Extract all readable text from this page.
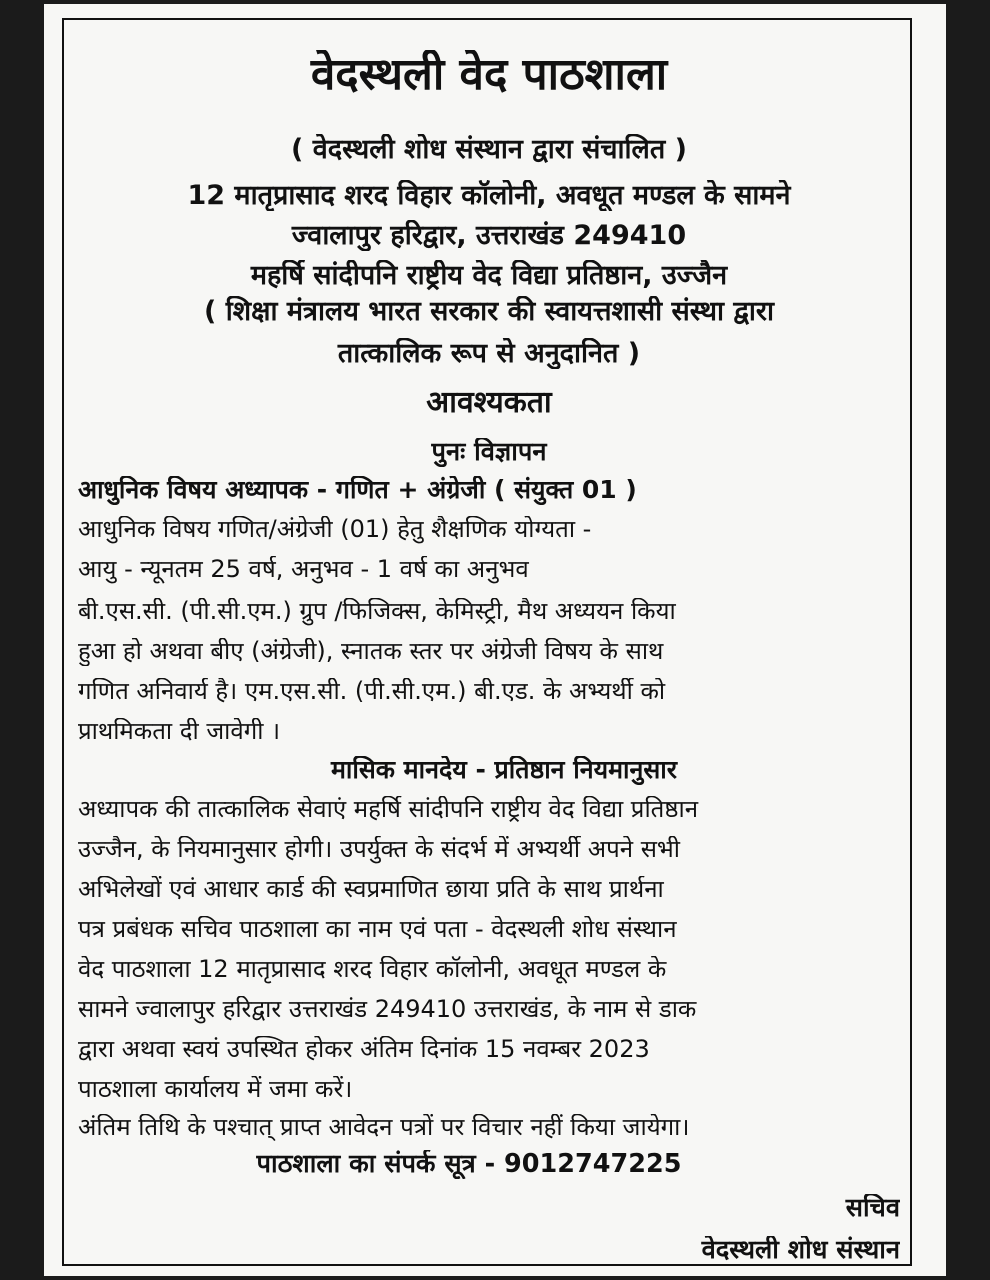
वेदस्थली वेद पाठशाला
( वेदस्थली शोध संस्थान द्वारा संचालित )
12 मातृप्रासाद शरद विहार कॉलोनी, अवधूत मण्डल के सामने
ज्वालापुर हरिद्वार, उत्तराखंड 249410
महर्षि सांदीपनि राष्ट्रीय वेद विद्या प्रतिष्ठान, उज्जैन
( शिक्षा मंत्रालय भारत सरकार की स्वायत्तशासी संस्था द्वारा
तात्कालिक रूप से अनुदानित )
आवश्यकता
पुनः विज्ञापन
आधुनिक विषय अध्यापक - गणित + अंग्रेजी ( संयुक्त 01 )
आधुनिक विषय गणित/अंग्रेजी (01) हेतु शैक्षणिक योग्यता -
आयु - न्यूनतम 25 वर्ष, अनुभव - 1 वर्ष का अनुभव
बी.एस.सी. (पी.सी.एम.) ग्रुप /फिजिक्स, केमिस्ट्री, मैथ अध्ययन किया
हुआ हो अथवा बीए (अंग्रेजी), स्नातक स्तर पर अंग्रेजी विषय के साथ
गणित अनिवार्य है। एम.एस.सी. (पी.सी.एम.) बी.एड. के अभ्यर्थी को
प्राथमिकता दी जावेगी ।
मासिक मानदेय - प्रतिष्ठान नियमानुसार
अध्यापक की तात्कालिक सेवाएं महर्षि सांदीपनि राष्ट्रीय वेद विद्या प्रतिष्ठान
उज्जैन, के नियमानुसार होगी। उपर्युक्त के संदर्भ में अभ्यर्थी अपने सभी
अभिलेखों एवं आधार कार्ड की स्वप्रमाणित छाया प्रति के साथ प्रार्थना
पत्र प्रबंधक सचिव पाठशाला का नाम एवं पता - वेदस्थली शोध संस्थान
वेद पाठशाला 12 मातृप्रासाद शरद विहार कॉलोनी, अवधूत मण्डल के
सामने ज्वालापुर हरिद्वार उत्तराखंड 249410 उत्तराखंड, के नाम से डाक
द्वारा अथवा स्वयं उपस्थित होकर अंतिम दिनांक 15 नवम्बर 2023
पाठशाला कार्यालय में जमा करें।
अंतिम तिथि के पश्चात् प्राप्त आवेदन पत्रों पर विचार नहीं किया जायेगा।
पाठशाला का संपर्क सूत्र - 9012747225
सचिव
वेदस्थली शोध संस्थान
